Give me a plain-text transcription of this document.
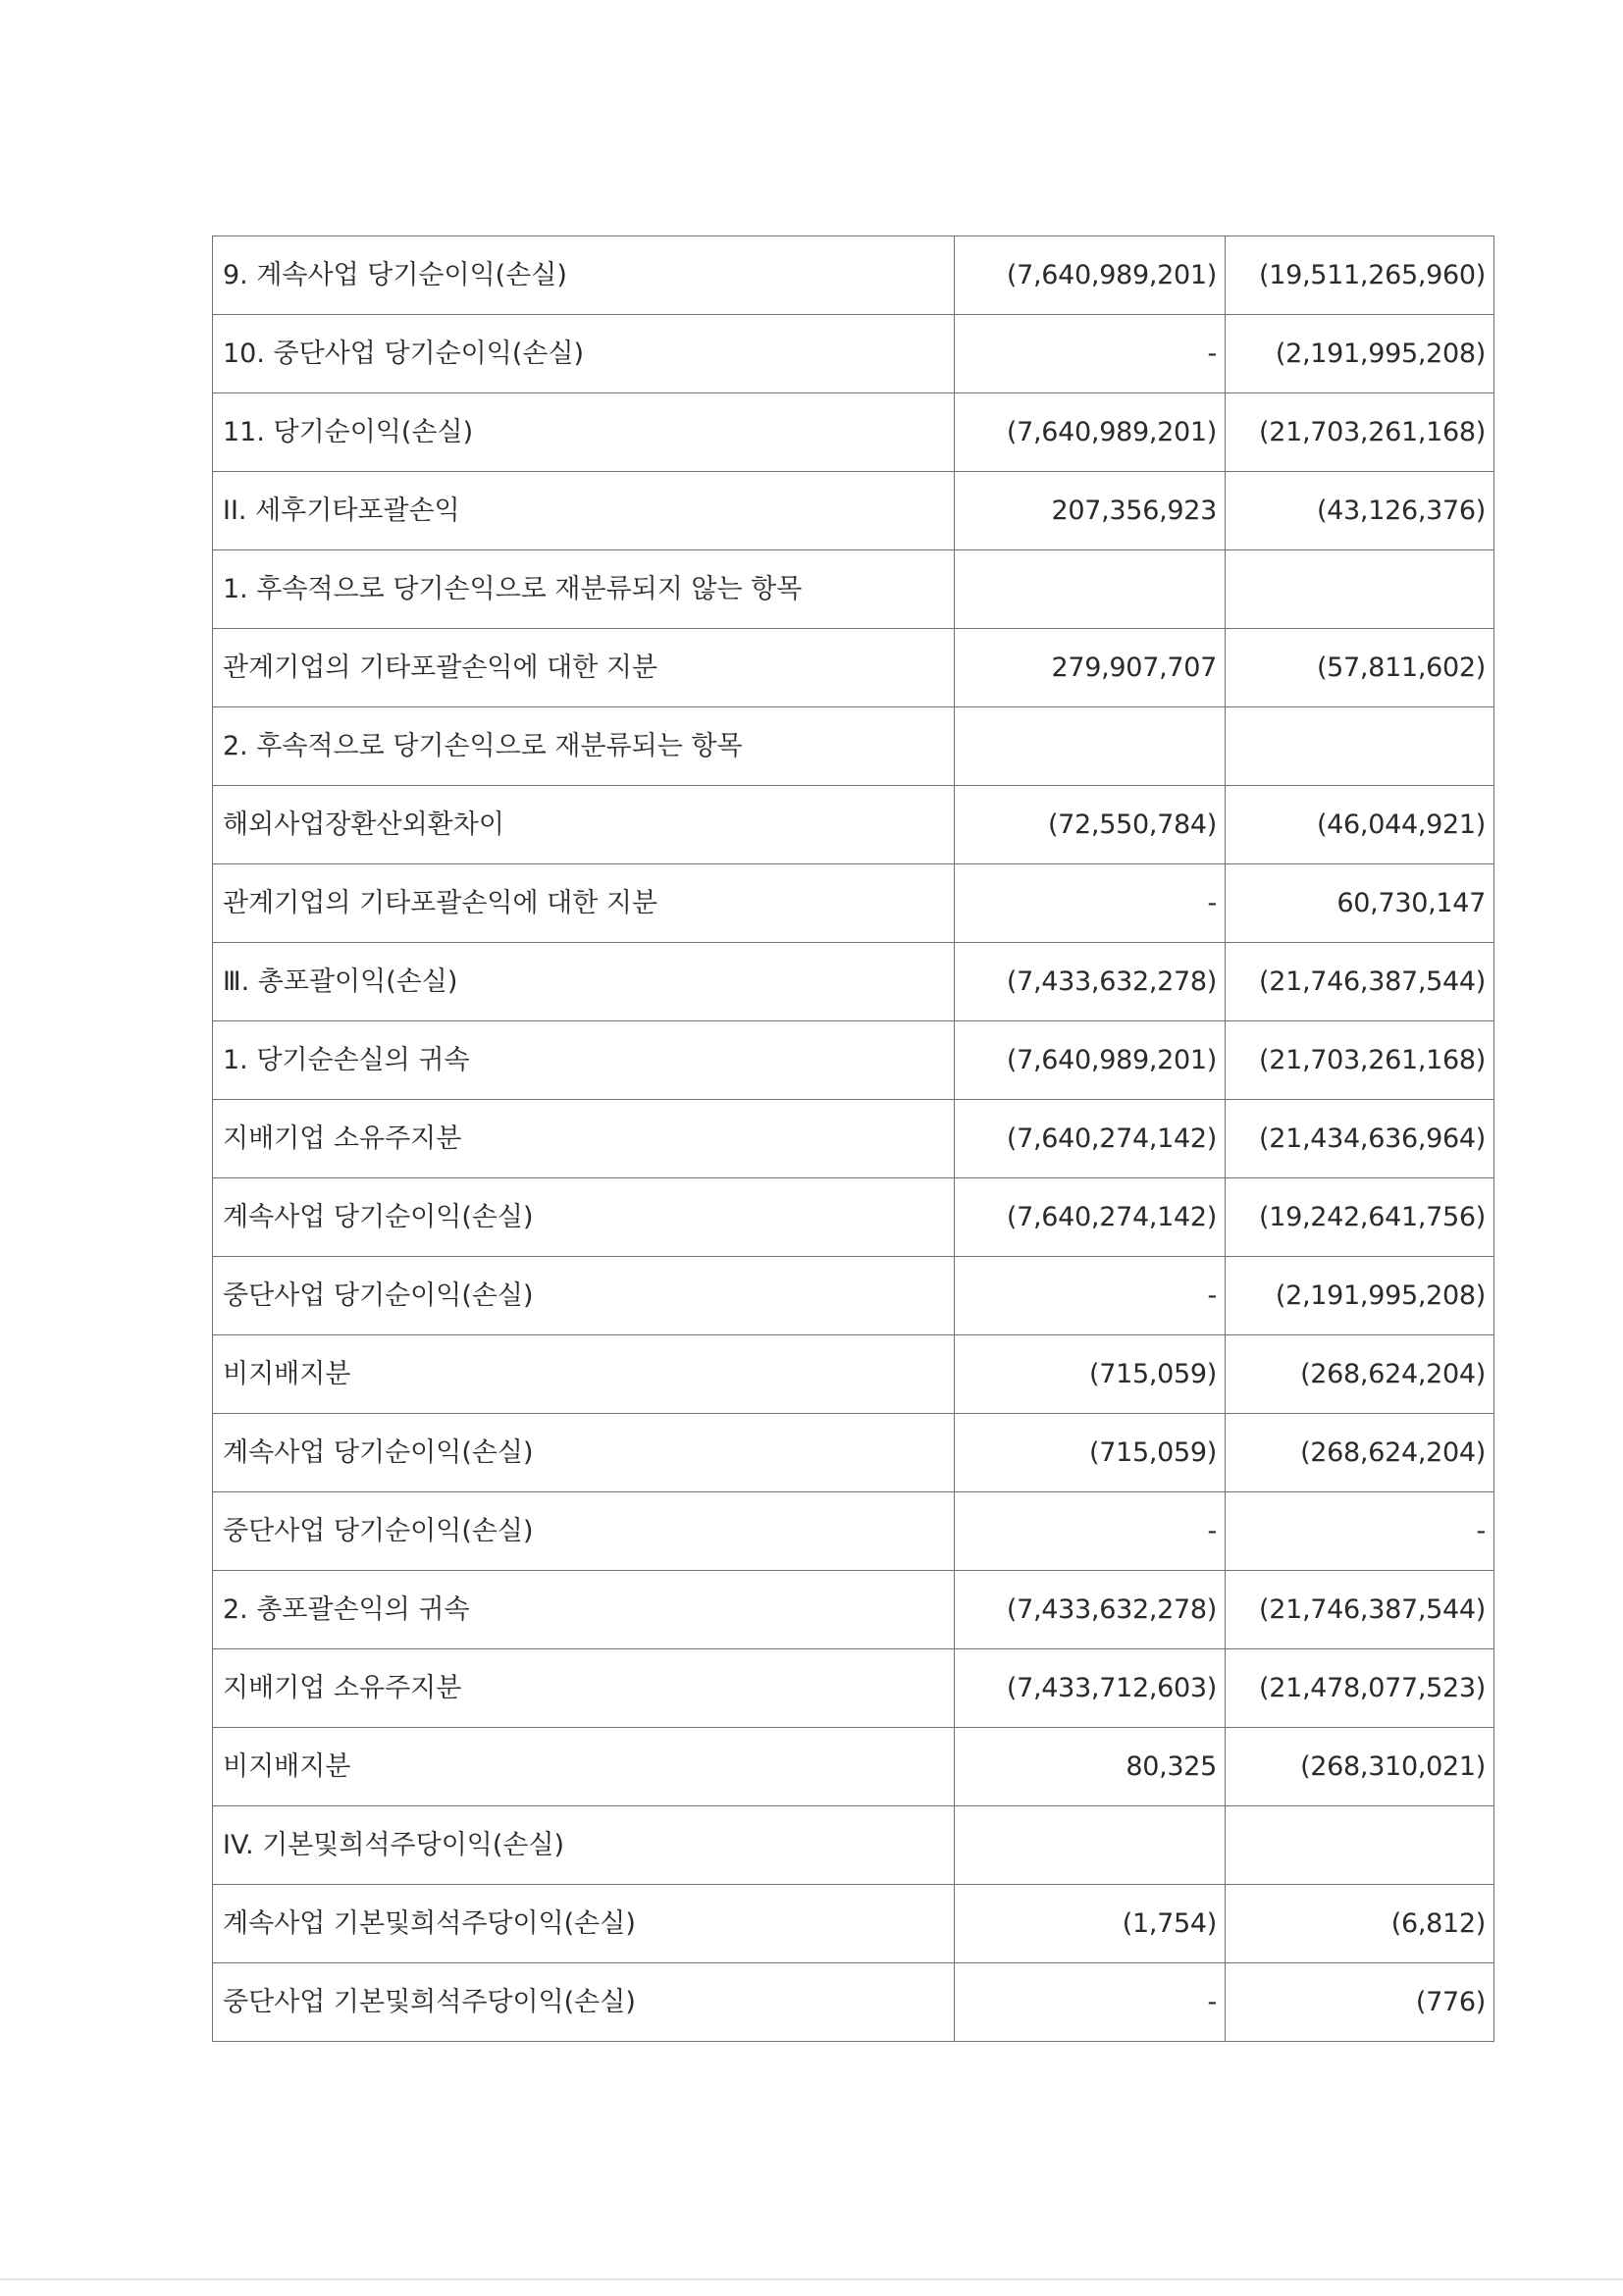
9. 계속사업 당기순이익(손실)	(7,640,989,201)	(19,511,265,960)
10. 중단사업 당기순이익(손실)	-	(2,191,995,208)
11. 당기순이익(손실)	(7,640,989,201)	(21,703,261,168)
II. 세후기타포괄손익	207,356,923	(43,126,376)
1. 후속적으로 당기손익으로 재분류되지 않는 항목		
관계기업의 기타포괄손익에 대한 지분	279,907,707	(57,811,602)
2. 후속적으로 당기손익으로 재분류되는 항목		
해외사업장환산외환차이	(72,550,784)	(46,044,921)
관계기업의 기타포괄손익에 대한 지분	-	60,730,147
Ⅲ. 총포괄이익(손실)	(7,433,632,278)	(21,746,387,544)
1. 당기순손실의 귀속	(7,640,989,201)	(21,703,261,168)
지배기업 소유주지분	(7,640,274,142)	(21,434,636,964)
계속사업 당기순이익(손실)	(7,640,274,142)	(19,242,641,756)
중단사업 당기순이익(손실)	-	(2,191,995,208)
비지배지분	(715,059)	(268,624,204)
계속사업 당기순이익(손실)	(715,059)	(268,624,204)
중단사업 당기순이익(손실)	-	-
2. 총포괄손익의 귀속	(7,433,632,278)	(21,746,387,544)
지배기업 소유주지분	(7,433,712,603)	(21,478,077,523)
비지배지분	80,325	(268,310,021)
IV. 기본및희석주당이익(손실)		
계속사업 기본및희석주당이익(손실)	(1,754)	(6,812)
중단사업 기본및희석주당이익(손실)	-	(776)
